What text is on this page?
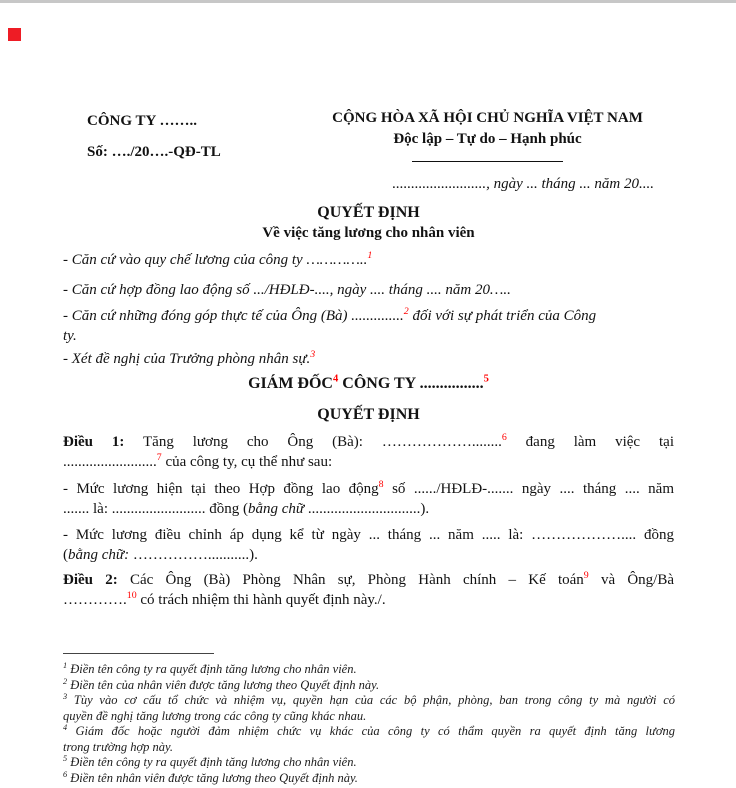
CÔNG TY ……..
Số: …./20….-QĐ-TL
CỘNG HÒA XÃ HỘI CHỦ NGHĨA VIỆT NAM
Độc lập – Tự do – Hạnh phúc
........................., ngày ... tháng ... năm 20....
QUYẾT ĐỊNH
Về việc tăng lương cho nhân viên
- Căn cứ vào quy chế lương của công ty …………..$^1$
- Căn cứ hợp đồng lao động số .../HĐLĐ-...., ngày .... tháng .... năm 20…..
- Căn cứ những đóng góp thực tế của Ông (Bà) ..............$^2$ đối với sự phát triển của Công
ty.
- Xét đề nghị của Trưởng phòng nhân sự.$^3$
GIÁM ĐỐC$^4$ CÔNG TY ................$^5$
QUYẾT ĐỊNH
Điều 1: Tăng lương cho Ông (Bà): ………………........$^6$ đang làm việc tại
.........................$^7$ của công ty, cụ thể như sau:
- Mức lương hiện tại theo Hợp đồng lao động$^8$ số ....../HĐLĐ-....... ngày .... tháng .... năm
....... là: ......................... đồng (bằng chữ ..............................).
- Mức lương điều chỉnh áp dụng kể từ ngày ... tháng ... năm ..... là: ……………….... đồng
(bằng chữ: ……………...........).
Điều 2: Các Ông (Bà) Phòng Nhân sự, Phòng Hành chính – Kế toán$^9$ và Ông/Bà
………….$^{10}$ có trách nhiệm thi hành quyết định này./.
$^1$ Điền tên công ty ra quyết định tăng lương cho nhân viên.
$^2$ Điền tên của nhân viên được tăng lương theo Quyết định này.
$^3$ Tùy vào cơ cấu tổ chức và nhiệm vụ, quyền hạn của các bộ phận, phòng, ban trong công ty mà người có
quyền đề nghị tăng lương trong các công ty cũng khác nhau.
$^4$ Giám đốc hoặc người đảm nhiệm chức vụ khác của công ty có thẩm quyền ra quyết định tăng lương
trong trường hợp này.
$^5$ Điền tên công ty ra quyết định tăng lương cho nhân viên.
$^6$ Điền tên nhân viên được tăng lương theo Quyết định này.
